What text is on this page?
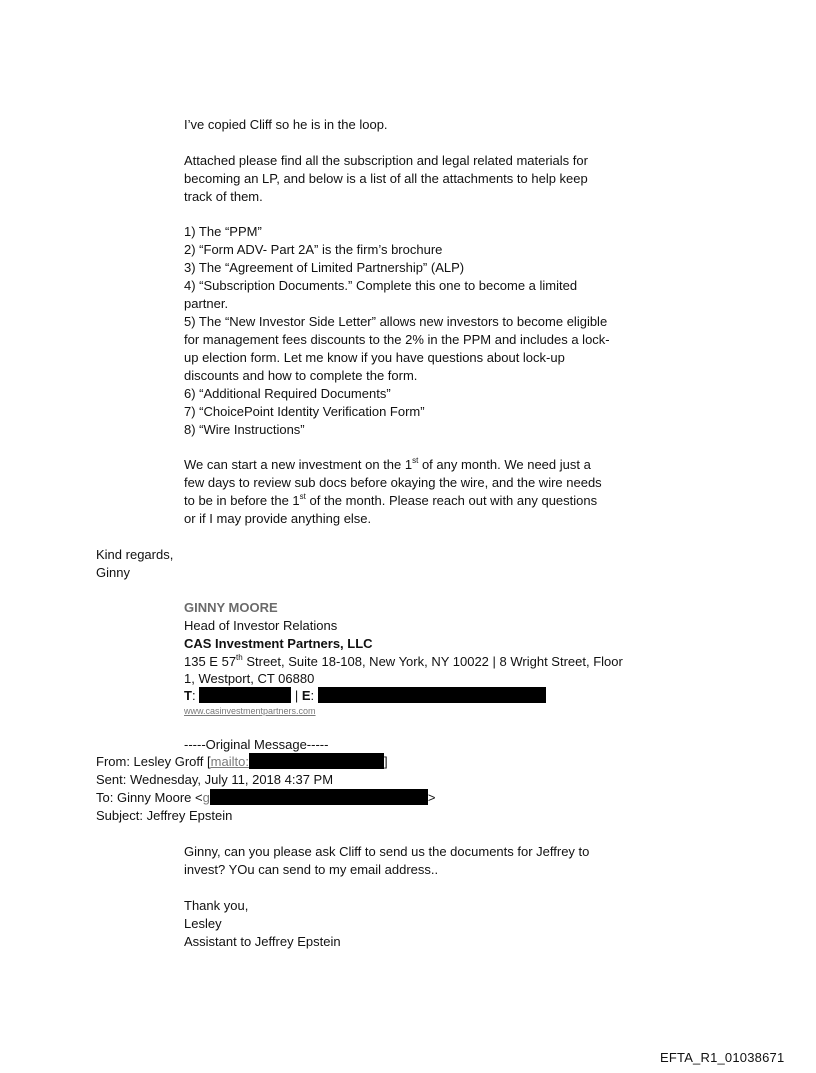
I’ve copied Cliff so he is in the loop.
Attached please find all the subscription and legal related materials for
becoming an LP, and below is a list of all the attachments to help keep
track of them.
1) The “PPM”
2) “Form ADV- Part 2A” is the firm’s brochure
3) The “Agreement of Limited Partnership” (ALP)
4) “Subscription Documents.” Complete this one to become a limited
partner.
5) The “New Investor Side Letter” allows new investors to become eligible
for management fees discounts to the 2% in the PPM and includes a lock-
up election form. Let me know if you have questions about lock-up
discounts and how to complete the form.
6) “Additional Required Documents”
7) “ChoicePoint Identity Verification Form”
8) “Wire Instructions”
We can start a new investment on the 1st of any month. We need just a
few days to review sub docs before okaying the wire, and the wire needs
to be in before the 1st of the month. Please reach out with any questions
or if I may provide anything else.
Kind regards,
Ginny
GINNY MOORE
Head of Investor Relations
CAS Investment Partners, LLC
135 E 57th Street, Suite 18-108, New York, NY 10022 | 8 Wright Street, Floor
1, Westport, CT 06880
T:	| E:
www.casinvestmentpartners.com
-----Original Message-----
From: Lesley Groff [mailto:	]
Sent: Wednesday, July 11, 2018 4:37 PM
To: Ginny Moore <g	>
Subject: Jeffrey Epstein
Ginny, can you please ask Cliff to send us the documents for Jeffrey to
invest? YOu can send to my email address..
Thank you,
Lesley
Assistant to Jeffrey Epstein
EFTA_R1_01038671
